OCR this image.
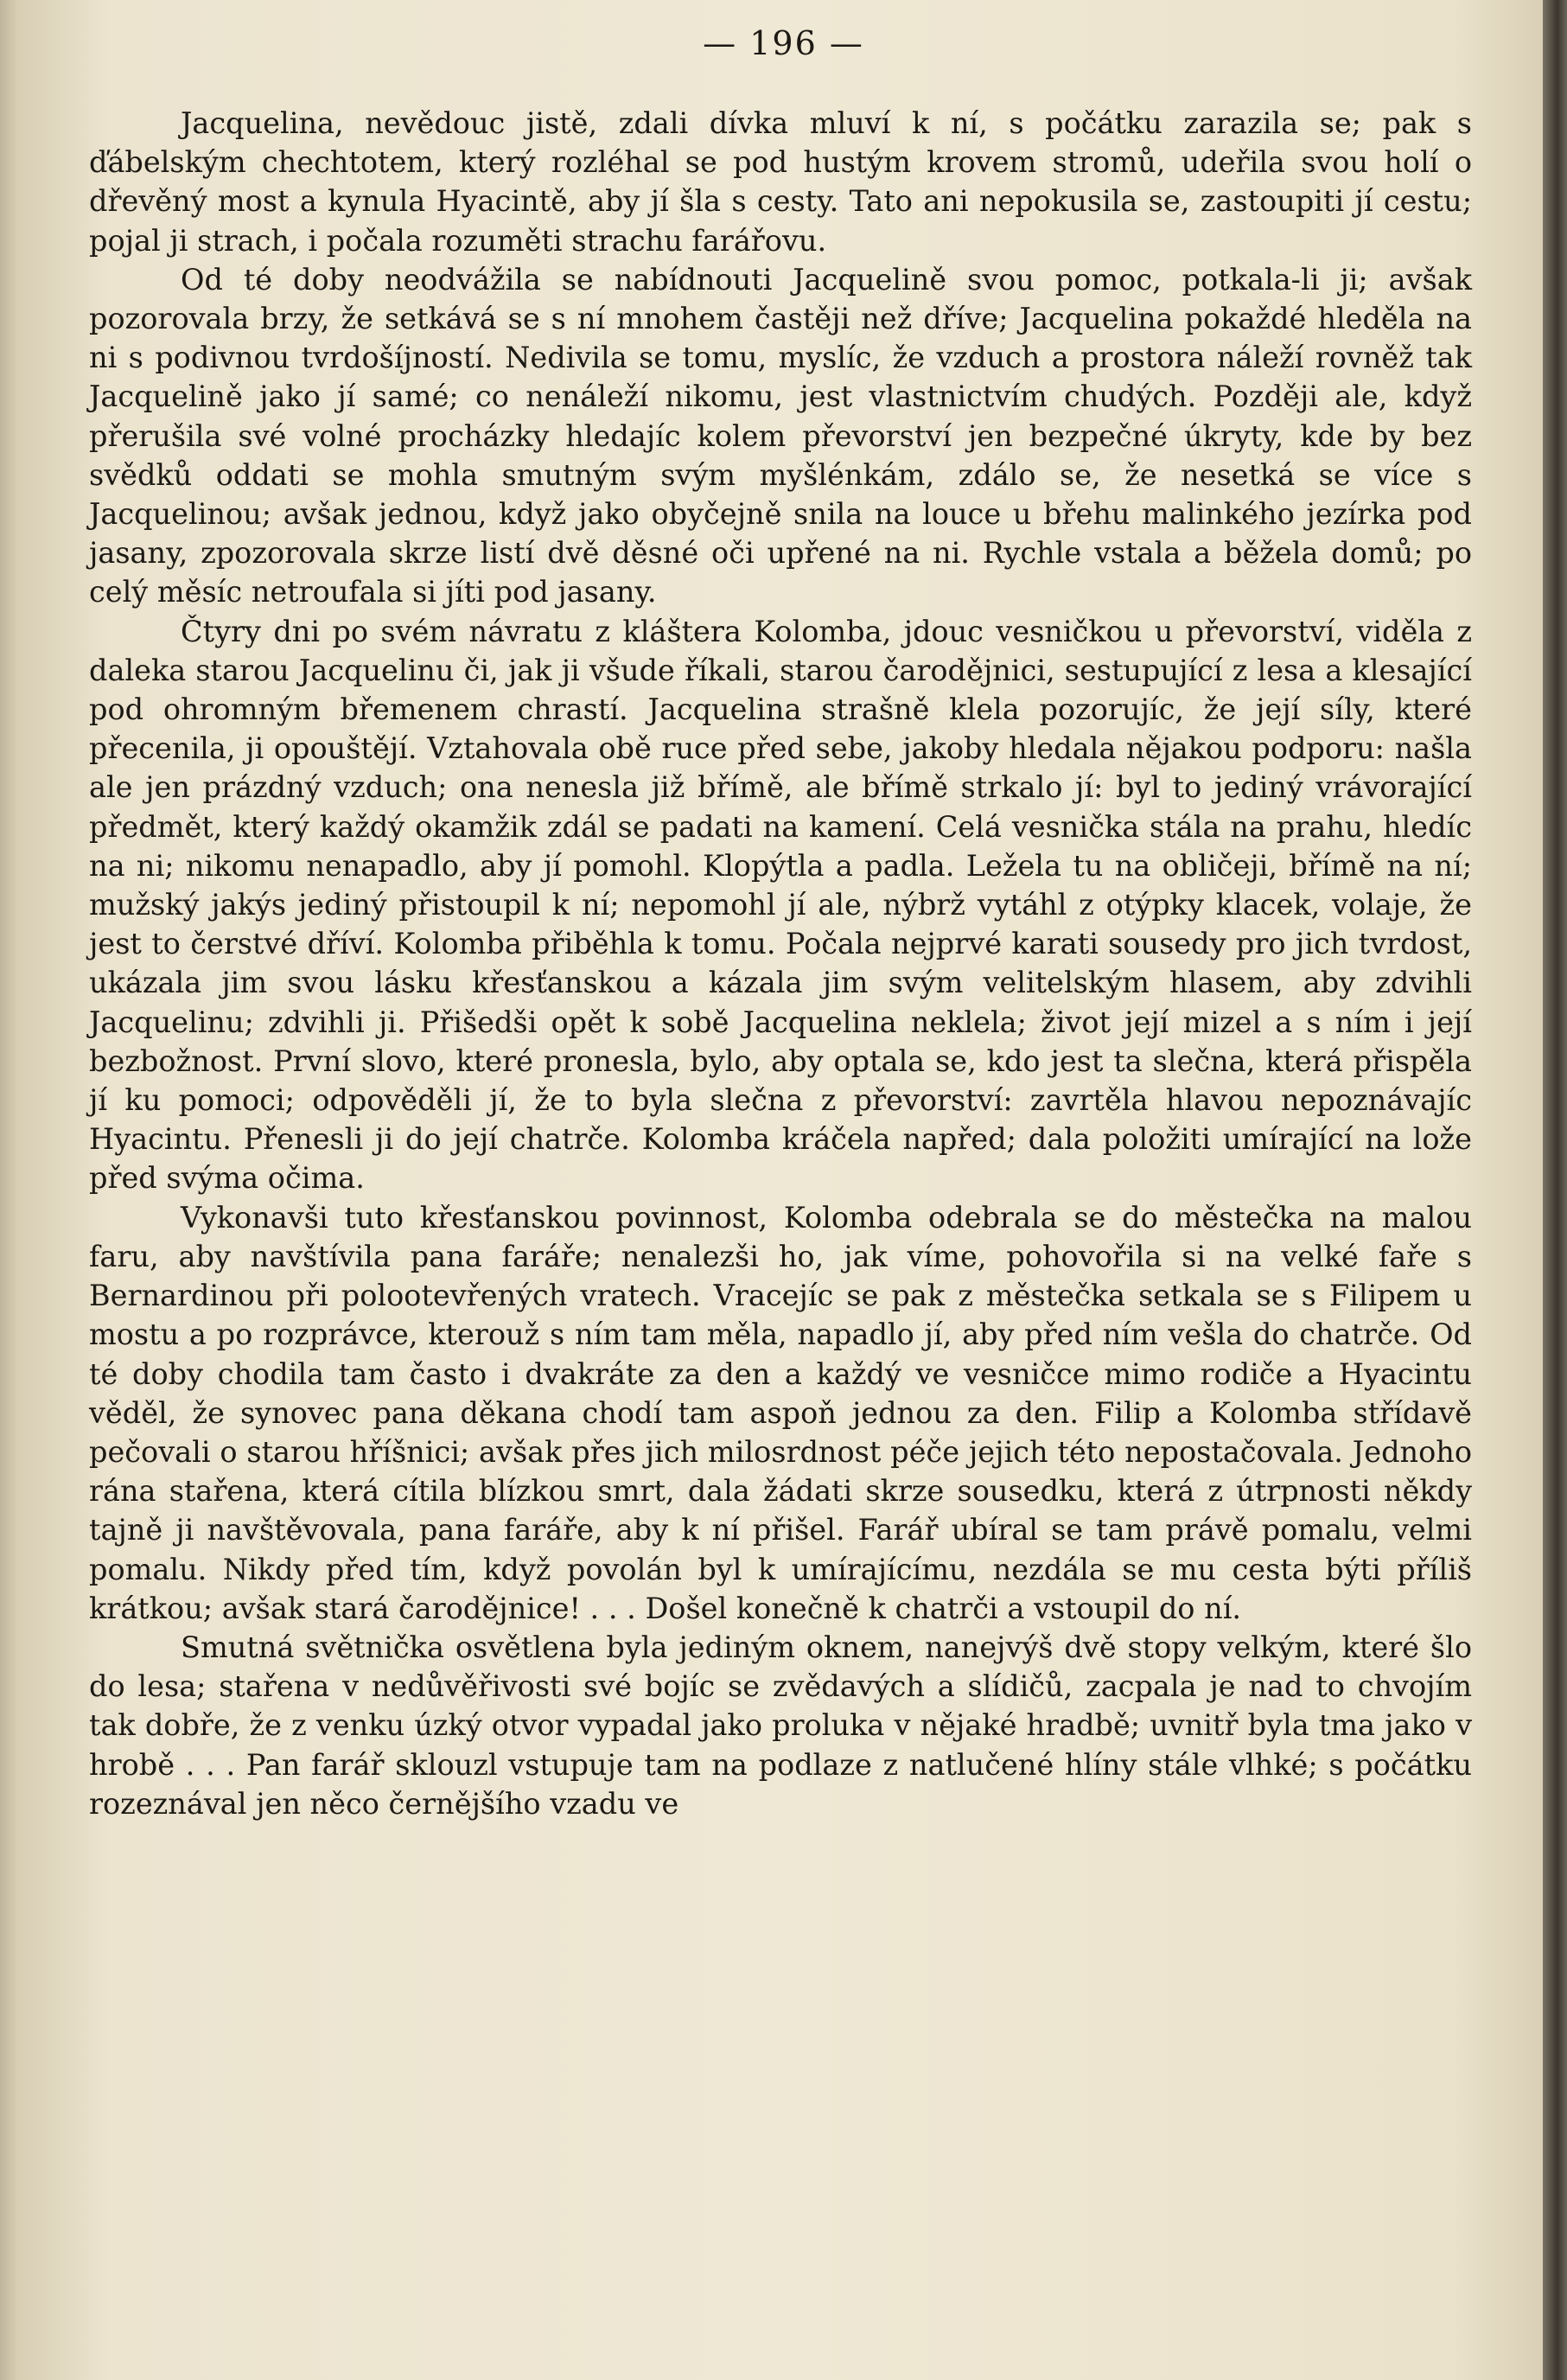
— 196 —

Jacquelina, nevědouc jistě, zdali dívka mluví k ní, s počátku zarazila se; pak s ďábelským chechtotem, který rozléhal se pod hustým krovem stromů, udeřila svou holí o dřevěný most a kynula Hyacintě, aby jí šla s cesty. Tato ani nepokusila se, zastoupiti jí cestu; pojal ji strach, i počala rozuměti strachu farářovu.

Od té doby neodvážila se nabídnouti Jacquelině svou pomoc, potkala-li ji; avšak pozorovala brzy, že setkává se s ní mnohem častěji než dříve; Jacquelina pokaždé hleděla na ni s podivnou tvrdošíjností. Nedivila se tomu, myslíc, že vzduch a prostora náleží rovněž tak Jacquelině jako jí samé; co nenáleží nikomu, jest vlastnictvím chudých. Později ale, když přerušila své volné procházky hledajíc kolem převorství jen bezpečné úkryty, kde by bez svědků oddati se mohla smutným svým myšlénkám, zdálo se, že nesetká se více s Jacquelinou; avšak jednou, když jako obyčejně snila na louce u břehu malinkého jezírka pod jasany, zpozorovala skrze listí dvě děsné oči upřené na ni. Rychle vstala a běžela domů; po celý měsíc netroufala si jíti pod jasany.

Čtyry dni po svém návratu z kláštera Kolomba, jdouc vesničkou u převorství, viděla z daleka starou Jacquelinu či, jak ji všude říkali, starou čarodějnici, sestupující z lesa a klesající pod ohromným břemenem chrastí. Jacquelina strašně klela pozorujíc, že její síly, které přecenila, ji opouštějí. Vztahovala obě ruce před sebe, jakoby hledala nějakou podporu: našla ale jen prázdný vzduch; ona nenesla již břímě, ale břímě strkalo jí: byl to jediný vrávorající předmět, který každý okamžik zdál se padati na kamení. Celá vesnička stála na prahu, hledíc na ni; nikomu nenapadlo, aby jí pomohl. Klopýtla a padla. Ležela tu na obličeji, břímě na ní; mužský jakýs jediný přistoupil k ní; nepomohl jí ale, nýbrž vytáhl z otýpky klacek, volaje, že jest to čerstvé dříví. Kolomba přiběhla k tomu. Počala nejprvé karati sousedy pro jich tvrdost, ukázala jim svou lásku křesťanskou a kázala jim svým velitelským hlasem, aby zdvihli Jacquelinu; zdvihli ji. Přišedši opět k sobě Jacquelina neklela; život její mizel a s ním i její bezbožnost. První slovo, které pronesla, bylo, aby optala se, kdo jest ta slečna, která přispěla jí ku pomoci; odpověděli jí, že to byla slečna z převorství: zavrtěla hlavou nepoznávajíc Hyacintu. Přenesli ji do její chatrče. Kolomba kráčela napřed; dala položiti umírající na lože před svýma očima.

Vykonavši tuto křesťanskou povinnost, Kolomba odebrala se do městečka na malou faru, aby navštívila pana faráře; nenalezši ho, jak víme, pohovořila si na velké faře s Bernardinou při polootevřených vratech. Vracejíc se pak z městečka setkala se s Filipem u mostu a po rozprávce, kterouž s ním tam měla, napadlo jí, aby před ním vešla do chatrče. Od té doby chodila tam často i dvakráte za den a každý ve vesničce mimo rodiče a Hyacintu věděl, že synovec pana děkana chodí tam aspoň jednou za den. Filip a Kolomba střídavě pečovali o starou hříšnici; avšak přes jich milosrdnost péče jejich této nepostačovala. Jednoho rána stařena, která cítila blízkou smrt, dala žádati skrze sousedku, která z útrpnosti někdy tajně ji navštěvovala, pana faráře, aby k ní přišel. Farář ubíral se tam právě pomalu, velmi pomalu. Nikdy před tím, když povolán byl k umírajícímu, nezdála se mu cesta býti příliš krátkou; avšak stará čarodějnice! . . . Došel konečně k chatrči a vstoupil do ní.

Smutná světnička osvětlena byla jediným oknem, nanejvýš dvě stopy velkým, které šlo do lesa; stařena v nedůvěřivosti své bojíc se zvědavých a slídičů, zacpala je nad to chvojím tak dobře, že z venku úzký otvor vypadal jako proluka v nějaké hradbě; uvnitř byla tma jako v hrobě . . . Pan farář sklouzl vstupuje tam na podlaze z natlučené hlíny stále vlhké; s počátku rozeznával jen něco černějšího vzadu ve
